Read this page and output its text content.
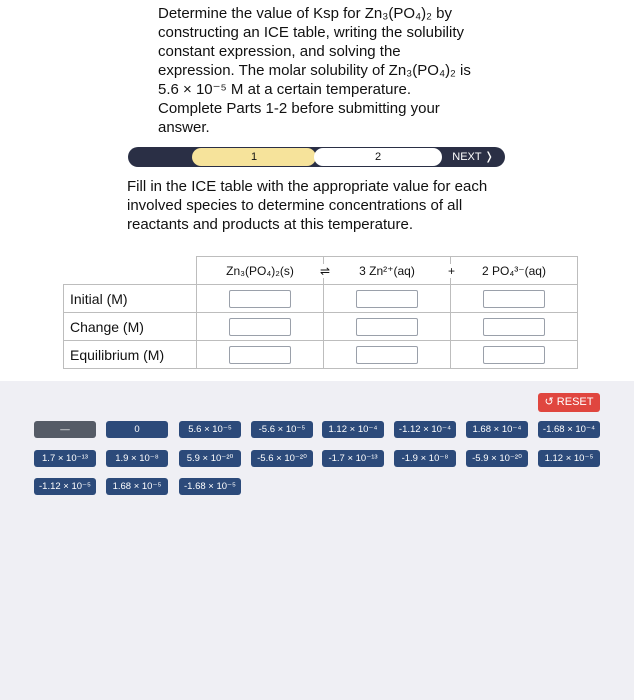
Determine the value of Ksp for Zn₃(PO₄)₂ by

constructing an ICE table, writing the solubility

constant expression, and solving the

expression. The molar solubility of Zn₃(PO₄)₂ is

5.6 × 10⁻⁵ M at a certain temperature.

Complete Parts 1-2 before submitting your

answer.

1	2	NEXT ❭

Fill in the ICE table with the appropriate value for each

involved species to determine concentrations of all

reactants and products at this temperature.

	Zn₃(PO₄)₂(s) ⇌	3 Zn²⁺(aq) +	2 PO₄³⁻(aq)
Initial (M)	

Change (M)	

Equilibrium (M)	

↺ RESET
—	0	5.6 × 10⁻⁵	-5.6 × 10⁻⁵	1.12 × 10⁻⁴	-1.12 × 10⁻⁴	1.68 × 10⁻⁴	-1.68 × 10⁻⁴
1.7 × 10⁻¹³	1.9 × 10⁻⁸	5.9 × 10⁻²⁰	-5.6 × 10⁻²⁰	-1.7 × 10⁻¹³	-1.9 × 10⁻⁸	-5.9 × 10⁻²⁰	1.12 × 10⁻⁵
-1.12 × 10⁻⁵	1.68 × 10⁻⁵	-1.68 × 10⁻⁵
